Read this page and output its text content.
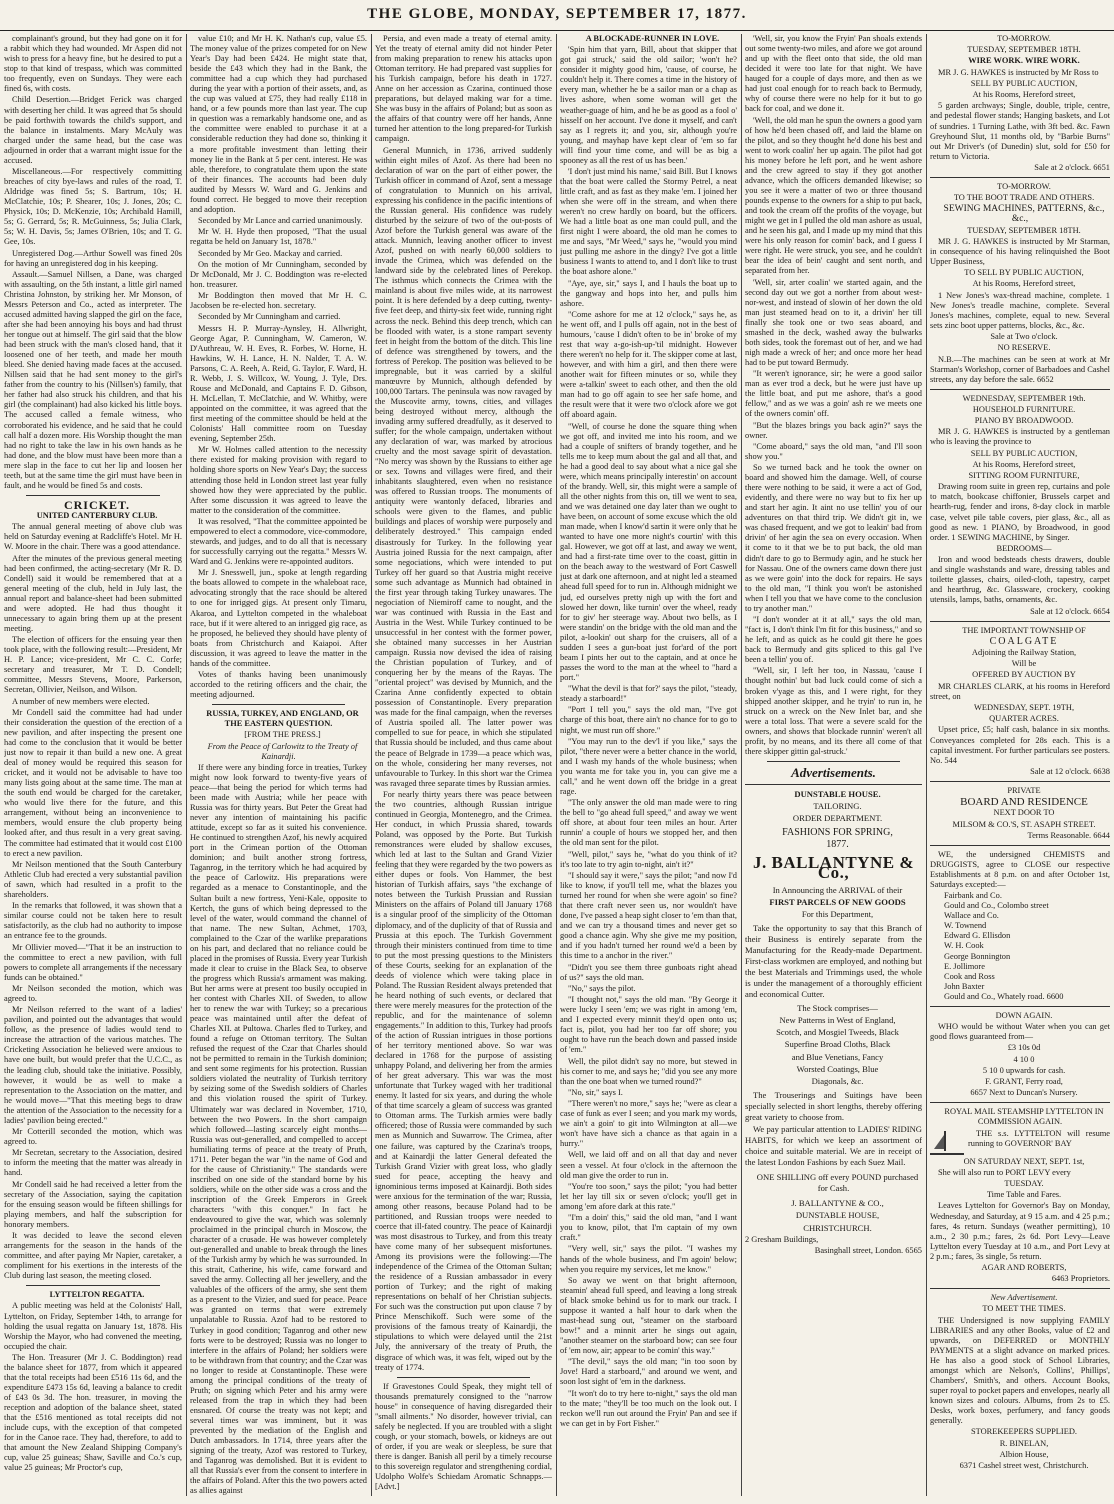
THE GLOBE, MONDAY, SEPTEMBER 17, 1877.

complainant's ground, but they had gone on it for a rabbit which they had wounded. Mr Aspen did not wish to press for a heavy fine, but he desired to put a stop to that kind of trespass, which was committed too frequently, even on Sundays. They were each fined 6s, with costs.

Child Desertion.—Bridget Ferick was charged with deserting her child. It was agreed that 5s should be paid forthwith towards the child's support, and the balance in instalments. Mary McAuly was charged under the same head, but the case was adjourned in order that a warrant might issue for the accused.

Miscellaneous.—For respectively committing breaches of city bye-laws and rules of the road, T. Aldridge was fined 5s; S. Bartrum, 10s; H. McClatchie, 10s; P. Shearer, 10s; J. Jones, 20s; C. Physick, 10s; D. McKenzie, 10s; Archibald Hamill, 5s; G. Gerrard, 5s; R. McGuinness, 5s; Julia Clark, 5s; W. H. Davis, 5s; James O'Brien, 10s; and T. G. Gee, 10s.

Unregistered Dog.—Arthur Sowell was fined 20s for having an unregistered dog in his keeping.

Assault.—Samuel Nillsen, a Dane, was charged with assaulting, on the 5th instant, a little girl named Christina Johnston, by striking her. Mr Monson, of Messrs Peterson and Co., acted as interpreter. The accused admitted having slapped the girl on the face, after she had been annoying his boys and had thrust her tongue out at himself. The girl said that the blow had been struck with the man's closed hand, that it loosened one of her teeth, and made her mouth bleed. She denied having made faces at the accused. Nillsen said that he had sent money to the girl's father from the country to his (Nillsen's) family, that her father had also struck his children, and that his girl (the complainant) had also kicked his little boys. The accused called a female witness, who corroborated his evidence, and he said that he could call half a dozen more. His Worship thought the man had no right to take the law in his own hands as he had done, and the blow must have been more than a mere slap in the face to cut her lip and loosen her teeth, but at the same time the girl must have been in fault, and he would be fined 5s and costs.

CRICKET.

UNITED CANTERBURY CLUB.

The annual general meeting of above club was held on Saturday evening at Radcliffe's Hotel. Mr H. W. Moore in the chair. There was a good attendance.

After the minutes of the previous general meeting had been confirmed, the acting-secretary (Mr R. D. Condell) said it would be remembered that at a general meeting of the club, held in July last, the annual report and balance-sheet had been submitted and were adopted. He had thus thought it unnecessary to again bring them up at the present meeting.

The election of officers for the ensuing year then took place, with the following result:—President, Mr H. P. Lance; vice-president, Mr C. C. Corfe; secretary and treasurer, Mr T. D. Condell; committee, Messrs Stevens, Moore, Parkerson, Secretan, Ollivier, Neilson, and Wilson.

A number of new members were elected.

Mr Condell said the committee had had under their consideration the question of the erection of a new pavilion, and after inspecting the present one had come to the conclusion that it would be better just now to repair it than build a new one. A great deal of money would be required this season for cricket, and it would not be advisable to have too many lists going about at the same time. The man at the south end would be charged for the caretaker, who would live there for the future, and this arrangement, without being an inconvenience to members, would ensure the club property being looked after, and thus result in a very great saving. The committee had estimated that it would cost £100 to erect a new pavilion.

Mr Neilson mentioned that the South Canterbury Athletic Club had erected a very substantial pavilion of sawn, which had resulted in a profit to the shareholders.

In the remarks that followed, it was shown that a similar course could not be taken here to result satisfactorily, as the club had no authority to impose an entrance fee to the grounds.

Mr Ollivier moved—"That it be an instruction to the committee to erect a new pavilion, with full powers to complete all arrangements if the necessary funds can be obtained."

Mr Neilson seconded the motion, which was agreed to.

Mr Neilson referred to the want of a ladies' pavilion, and pointed out the advantages that would follow, as the presence of ladies would tend to increase the attraction of the various matches. The Cricketing Association he believed were anxious to have one built, but would prefer that the U.C.C., as the leading club, should take the initiative. Possibly, however, it would be as well to make a representation to the Association on the matter, and he would move—"That this meeting begs to draw the attention of the Association to the necessity for a ladies' pavilion being erected."

Mr Cotterill seconded the motion, which was agreed to.

Mr Secretan, secretary to the Association, desired to inform the meeting that the matter was already in hand.

Mr Condell said he had received a letter from the secretary of the Association, saying the capitation for the ensuing season would be fifteen shillings for playing members, and half the subscription for honorary members.

It was decided to leave the second eleven arrangements for the season in the hands of the committee, and after paying Mr Napier, caretaker, a compliment for his exertions in the interests of the Club during last season, the meeting closed.

LYTTELTON REGATTA.

A public meeting was held at the Colonists' Hall, Lyttelton, on Friday, September 14th, to arrange for holding the usual regatta on January 1st, 1878. His Worship the Mayor, who had convened the meeting, occupied the chair.

The Hon. Treasurer (Mr J. C. Boddington) read the balance sheet for 1877, from which it appeared that the total receipts had been £516 11s 6d, and the expenditure £473 15s 6d, leaving a balance to credit of £43 0s 3d. The hon. treasurer, in moving the reception and adoption of the balance sheet, stated that the £516 mentioned as total receipts did not include cups, with the exception of that competed for in the Canoe race. They had, therefore, to add to that amount the New Zealand Shipping Company's cup, value 25 guineas; Shaw, Saville and Co.'s cup, value 25 guineas; Mr Proctor's cup,

value £10; and Mr H. K. Nathan's cup, value £5. The money value of the prizes competed for on New Year's Day had been £424. He might state that, beside the £43 which they had in the Bank, the committee had a cup which they had purchased during the year with a portion of their assets, and, as the cup was valued at £75, they had really £118 in hand, or a few pounds more than last year. The cup in question was a remarkably handsome one, and as the committee were enabled to purchase it at a considerable reduction they had done so, thinking it a more profitable investment than letting their money lie in the Bank at 5 per cent. interest. He was able, therefore, to congratulate them upon the state of their finances. The accounts had been duly audited by Messrs W. Ward and G. Jenkins and found correct. He begged to move their reception and adoption.

Seconded by Mr Lance and carried unanimously.

Mr W. H. Hyde then proposed, "That the usual regatta be held on January 1st, 1878."

Seconded by Mr Geo. Mackay and carried.

On the motion of Mr Cunningham, seconded by Dr McDonald, Mr J. C. Boddington was re-elected hon. treasurer.

Mr Boddington then moved that Mr H. C. Jacobsen be re-elected hon. secretary.

Seconded by Mr Cunningham and carried.

Messrs H. P. Murray-Aynsley, H. Allwright, George Agar, P. Cunningham, W. Cameron, W. D'Authreau, W. H. Eves, R. Forbes, W. Horne, H. Hawkins, W. H. Lance, H. N. Nalder, T. A. W. Parsons, C. A. Reeh, A. Reid, G. Taylor, F. Ward, H. R. Webb, J. S. Willcox, W. Young, J. Tyle, Drs. Rouse and McDonald, and Captains F. D. Gibson, H. McLellan, T. McClatchie, and W. Whitby, were appointed on the committee, it was agreed that the first meeting of the committee should be held at the Colonists' Hall committee room on Tuesday evening, September 25th.

Mr W. Holmes called attention to the necessity there existed for making provision with regard to holding shore sports on New Year's Day; the success attending those held in London street last year fully showed how they were appreciated by the public. After some discussion it was agreed to leave the matter to the consideration of the committee.

It was resolved, "That the committee appointed be empowered to elect a commodore, vice-commodore, stewards, and judges, and to do all that is necessary for successfully carrying out the regatta." Messrs W. Ward and G. Jenkins were re-appointed auditors.

Mr J. Snesswell, jun., spoke at length regarding the boats allowed to compete in the whaleboat race, advocating strongly that the race should be altered to one for inrigged gigs. At present only Timaru, Akaroa, and Lyttelton competed in the whaleboat race, but if it were altered to an inrigged gig race, as he proposed, he believed they should have plenty of boats from Christchurch and Kaiapoi. After discussion, it was agreed to leave the matter in the hands of the committee.

Votes of thanks having been unanimously accorded to the retiring officers and the chair, the meeting adjourned.

RUSSIA, TURKEY, AND ENGLAND, OR THE EASTERN QUESTION.

[FROM THE PRESS.]

From the Peace of Carlowitz to the Treaty of Kainardji.

If there were any binding force in treaties, Turkey might now look forward to twenty-five years of peace—that being the period for which terms had been made with Austria; while her peace with Russia was for thirty years. But Peter the Great had never any intention of maintaining his pacific attitude, except so far as it suited his convenience. He continued to strengthen Azof, his newly acquired port in the Crimean portion of the Ottoman dominion; and built another strong fortress, Taganrog, in the territory which he had acquired by the peace of Carlowitz. His preparations were regarded as a menace to Constantinople, and the Sultan built a new fortress, Yeni-Kale, opposite to Kertch, the guns of which being depressed to the level of the water, would command the channel of that name. The new Sultan, Achmet, 1703, complained to the Czar of the warlike preparations on his part, and declared that no reliance could be placed in the promises of Russia. Every year Turkish made it clear to cruise in the Black Sea, to observe the progress which Russia's armament was making. But her arms were at present too busily occupied in her contest with Charles XII. of Sweden, to allow her to renew the war with Turkey; so a precarious peace was maintained until after the defeat of Charles XII. at Pultowa. Charles fled to Turkey, and found a refuge on Ottoman territory. The Sultan refused the request of the Czar that Charles should not be permitted to remain in the Turkish dominion; and sent some regiments for his protection. Russian soldiers violated the neutrality of Turkish territory by seizing some of the Swedish soldiers of Charles and this violation roused the spirit of Turkey. Ultimately war was declared in November, 1710, between the two Powers. In the short campaign which followed—lasting scarcely eight months—Russia was out-generalled, and compelled to accept humiliating terms of peace at the treaty of Pruth, 1711. Peter began the war "in the name of God and for the cause of Christianity." The standards were inscribed on one side of the standard borne by his soldiers, while on the other side was a cross and the inscription of the Greek Emperors in Greek characters "with this conquer." In fact he endeavoured to give the war, which was solemnly proclaimed in the principal church in Moscow, the character of a crusade. He was however completely out-generalled and unable to break through the lines of the Turkish army by which he was surrounded. In this strait, Catherine, his wife, came forward and saved the army. Collecting all her jewellery, and the valuables of the officers of the army, she sent them as a present to the Vizier, and sued for peace. Peace was granted on terms that were extremely unpalatable to Russia. Azof had to be restored to Turkey in good condition; Taganrog and other new forts were to be destroyed; Russia was no longer to interfere in the affairs of Poland; her soldiers were to be withdrawn from that country; and the Czar was no longer to reside at Constantinople. These were among the principal conditions of the treaty of Pruth; on signing which Peter and his army were released from the trap in which they had been ensnared. Of course the treaty was not kept; and several times war was imminent, but it was prevented by the mediation of the English and Dutch ambassadors. In 1714, three years after the signing of the treaty, Azof was restored to Turkey, and Taganrog was demolished. But it is evident to all that Russia's ever from the consent to interfere in the affairs of Poland. After this the two powers acted as allies against

Persia, and even made a treaty of eternal amity. Yet the treaty of eternal amity did not hinder Peter from making preparation to renew his attacks upon Ottoman territory. He had prepared vast supplies for his Turkish campaign, before his death in 1727. Anne on her accession as Czarina, continued those preparations, but delayed making war for a time. She was busy in the affairs of Poland; but as soon as the affairs of that country were off her hands, Anne turned her attention to the long prepared-for Turkish campaign.

General Munnich, in 1736, arrived suddenly within eight miles of Azof. As there had been no declaration of war on the part of either power, the Turkish officer in command of Azof, sent a message of congratulation to Munnich on his arrival, expressing his confidence in the pacific intentions of the Russian general. His confidence was rudely disturbed by the seizure of two of the out-posts of Azof before the Turkish general was aware of the attack. Munnich, leaving another officer to invest Azof, pushed on with nearly 60,000 soldiers to invade the Crimea, which was defended on the landward side by the celebrated lines of Perekop. The isthmus which connects the Crimea with the mainland is about five miles wide, at its narrowest point. It is here defended by a deep cutting, twenty-five feet deep, and thirty-six feet wide, running right across the neck. Behind this deep trench, which can be flooded with water, is a stone rampart seventy feet in height from the bottom of the ditch. This line of defence was strengthened by towers, and the fortress of Perekop. The position was believed to be impregnable, but it was carried by a skilful manœuvre by Munnich, although defended by 100,000 Tartars. The peninsula was now ravaged by the Muscovite army, towns, cities, and villages being destroyed without mercy, although the invading army suffered dreadfully, as it deserved to suffer; for the whole campaign, undertaken without any declaration of war, was marked by atrocious cruelty and the most savage spirit of devastation. "No mercy was shown by the Russians to either age or sex. Towns and villages were fired, and their inhabitants slaughtered, even when no resistance was offered to Russian troops. The monuments of antiquity were wantonly defaced, libraries and schools were given to the flames, and public buildings and places of worship were purposely and deliberately destroyed." This campaign ended disastrously for Turkey. In the following year Austria joined Russia for the next campaign, after some negociations, which were intended to put Turkey off her guard so that Austria might receive some such advantage as Munnich had obtained in the first year through taking Turkey unawares. The negociation of Niemiroff came to nought, and the war was continued with Russia in the East and Austria in the West. While Turkey continued to be unsuccessful in her contest with the former power, she obtained many successes in her Austrian campaign. Russia now devised the idea of raising the Christian population of Turkey, and of conquering her by the means of the Rayas. The "oriental project" was devised by Munnich, and the Czarina Anne confidently expected to obtain possession of Constantinople. Every preparation was made for the final campaign, when the reverses of Austria spoiled all. The latter power was compelled to sue for peace, in which she stipulated that Russia should be included, and thus came about the peace of Belgrade in 1739—a peace which was, on the whole, considering her many reverses, not unfavourable to Turkey. In this short war the Crimea was ravaged three separate times by Russian armies.

For nearly thirty years there was peace between the two countries, although Russian intrigue continued in Georgia, Montenegro, and the Crimea. Her conduct, in which Prussia shared, towards Poland, was opposed by the Porte. But Turkish remonstrances were eluded by shallow excuses, which led at last to the Sultan and Grand Vizier feeling that they were regarded by the two powers as either dupes or fools. Von Hammer, the best historian of Turkish affairs, says "the exchange of notes between the Turkish Prussian and Russian Ministers on the affairs of Poland till January 1768 is a singular proof of the simplicity of the Ottoman diplomacy, and of the duplicity of that of Russia and Prussia at this epoch. The Turkish Government through their ministers continued from time to time to put the most pressing questions to the Ministers of these Courts, seeking for an explanation of the deeds of violence which were taking place in Poland. The Russian Resident always pretended that he heard nothing of such events, or declared that there were merely measures for the protection of the republic, and for the maintenance of solemn engagements." In addition to this, Turkey had proofs of the action of Russian intrigues in those portions of her territory mentioned above. So war was declared in 1768 for the purpose of assisting unhappy Poland, and delivering her from the armies of her great adversary. This war was the most unfortunate that Turkey waged with her traditional enemy. It lasted for six years, and during the whole of that time scarcely a gleam of success was granted to Ottoman arms. The Turkish armies were badly officered; those of Russia were commanded by such men as Munnich and Suwarrow. The Crimea, after one failure, was captured by the Czarina's troops, and at Kainardji the latter General defeated the Turkish Grand Vizier with great loss, who gladly sued for peace, accepting the heavy and ignominious terms imposed at Kainardji. Both sides were anxious for the termination of the war; Russia, among other reasons, because Poland had to be partitioned, and Russian troops were needed to coerce that ill-fated country. The peace of Kainardji was most disastrous to Turkey, and from this treaty have come many of her subsequent misfortunes. Among its provisions were the following:—The independence of the Crimea of the Ottoman Sultan; the residence of a Russian ambassador in every portion of Turkey; and the right of making representations on behalf of her Christian subjects. For such was the construction put upon clause 7 by Prince Menschikoff. Such were some of the provisions of the famous treaty of Kainardji, the stipulations to which were delayed until the 21st July, the anniversary of the treaty of Pruth, the disgrace of which was, it was felt, wiped out by the treaty of 1774.

If Gravestones Could Speak, they might tell of thousands prematurely consigned to the "narrow house" in consequence of having disregarded their "small ailments." No disorder, however trivial, can safely be neglected. If you are troubled with a slight cough, or your stomach, bowels, or kidneys are out of order, if you are weak or sleepless, be sure that there is danger. Banish all peril by a timely recourse to this sovereign regulator and strengthening cordial, Udolpho Wolfe's Schiedam Aromatic Schnapps.—[Advt.]

A BLOCKADE-RUNNER IN LOVE.

'Spin him that yarn, Bill, about that skipper that got gai struck,' said the old sailor; 'won't he? consider it mighty good him, 'cause, of course, he couldn't help it. There comes a time in the history of every man, whether he be a sailor man or a chap as lives ashore, when some woman will get the weather-guage of him, and he be as good as a fool o' hisself on her account. I've done it myself, and can't say as I regrets it; and you, sir, although you're young, and mayhap have kept clear of 'em so far will find your time come, and will be as big a spooney as all the rest of us has been.'

'I don't just mind his name,' said Bill. But I knows that the boat were called the Stormy Petrel, a neat little craft, and as fast as they make 'em. I joined her when she were off in the stream, and when there weren't no crew hardly on board, but the officers. We had a little boat as one man could pull, and the first night I were aboard, the old man he comes to me and says, "Mr Weed," says he, "would you mind just pulling me ashore in the dingy? I've got a little business I wants to attend to, and I don't like to trust the boat ashore alone."

"Aye, aye, sir," says I, and I hauls the boat up to the gangway and hops into her, and pulls him ashore.

"Come ashore for me at 12 o'clock," says he, as he went off, and I pulls off again, not in the best of humours, 'cause I didn't often to be in' broke of my rest that way a-go-ish-up-'til midnight. However there weren't no help for it. The skipper come at last, however, and with him a girl, and then there were another wait for fifteen minutes or so, while they were a-talkin' sweet to each other, and then the old man had to go off again to see her safe home, and the result were that it were two o'clock afore we got off aboard again.

"Well, of course he done the square thing when we got off, and invited me into his room, and we had a couple of snifters of brandy together, and he tells me to keep mum about the gal and all that, and he had a good deal to say about what a nice gal she were, which means principally interestin' on account of the brandy. Well, sir, this might were a sample of all the other nights from this on, till we went to sea, and we was detained one day later than we ought to have been, on account of some excuse which the old man made, when I know'd sartin it were only that he wanted to have one more night's courtin' with this gal. However, we got off at last, and away we went, and had a first-rate time over to the coast, gittin in on the beach away to the westward of Fort Caswell just at dark one afternoon, and at night led a steamed ahead full speed for to run in. Although midnight we jud, ed ourselves pretty nigh up with the fort and slowed her down, like turnin' over the wheel, ready for to giv' her steerage way. About two bells, as I were standin' on the bridge with the old man and the pilot, a-lookin' out sharp for the cruisers, all of a sudden I sees a gun-boat just for'ard of the port beam I pints her out to the captain, and at once he passes the word to the man at the wheel to "hard a port."

"What the devil is that for?' says the pilot, "steady, steady a starboard!"

"Port I tell you," says the old man, "I've got charge of this boat, there ain't no chance for to go to night, we must run off shore."

"You may run to the dev'l if you like," says the pilot, "there never were a better chance in the world, and I wash my hands of the whole business; when you wanta me for take you in, you can give me a call," and he went down off the bridge in a great rage.

"The only answer the old man made were to ring the bell to "go ahead full speed," and away we went off shore, at about four teen miles an hour. Arter runnin' a couple of hours we stopped her, and then the old man sent for the pilot.

"Well, pilot," says he, "what do you think of it? it's too late to try agin to-night, ain't it?"

"I should say it were," says the pilot; "and now I'd like to know, if you'll tell me, what the blazes you turned her round for when she were agoin' so fine? that there craft never seen us, nor wouldn't have done, I've passed a heap sight closer to 'em than that, and we can try a thousand times and never get so good a chance agin. Why she give me my position, and if you hadn't turned her round we'd a been by this time to a anchor in the river."

"Didn't you see them three gunboats right ahead of us?" says the old man.

"No," says the pilot.

"I thought not," says the old man. "By George it were lucky I seen 'em; we was right in among 'em, and I expected every minnit they'd open onto us; fact is, pilot, you had her too far off shore; you ought to have run the beach down and passed inside of 'em."

Well, the pilot didn't say no more, but stewed in his corner to me, and says he; "did you see any more than the one boat when we turned round?"

"No, sir," says I.

"There weren't no more," says he; "were as clear a case of funk as ever I seen; and you mark my words, we ain't a goin' to git into Wilmington at all—we won't have have sich a chance as that again in a hurry."

Well, we laid off and on all that day and never seen a vessel. At four o'clock in the afternoon the old man give the order to run in.

"You're too soon," says the pilot; "you had better let her lay till six or seven o'clock; you'll get in among 'em afore dark at this rate."

"I'm a doin' this," said the old man, "and I want you to know, pilot, that I'm captain of my own craft."

"Very well, sir," says the pilot. "I washes my hands of the whole business, and I'm agoin' below; when you require my services, let me know."

So away we went on that bright afternoon, steamin' ahead full speed, and leaving a long streak of black smoke behind us for to mark our track. I suppose it wanted a half hour to dark when the mast-head sung out, "steamer on the starboard bow!" and a minnit arter he sings out again, "another steamer on the starboard bow; can see four of 'em now, air; appear to be comin' this way."

"The devil," says the old man; "in too soon by Jove! Hard a starboard," and around we went, and soon lost sight of 'em in the darkness.

"It won't do to try here to-night," says the old man to the mate; "they'll be too much on the look out. I reckon we'll run out around the Fryin' Pan and see if we can get in by Fort Fisher."

'Well, sir, you know the Fryin' Pan shoals extends out some twenty-two miles, and afore we got around and up with the fleet onto that side, the old man decided it were too late for that night. We have hauged for a couple of days more, and then as we had just coal enough for to reach back to Bermudy, why of course there were no help for it but to go back for coal, and we done it.

'Well, the old man he spun the owners a good yarn of how he'd been chased off, and laid the blame on the pilot, and so they thought he'd done his best and went to work coalin' her up again. The pilot had got his money before he left port, and he went ashore and the crew agreed to stay if they got another advance, which the officers demanded likewise; so you see it were a matter of two or three thousand pounds expense to the owners for a ship to put back, and took the cream off the profits of the voyage, but might we get in I pulled the old man ashore as usual, and he seen his gal, and I made up my mind that this were his only reason for comin' back, and I guess I were right. He were struck, you see, and he couldn't bear the idea of bein' caught and sent north, and separated from her.

'Well, sir, arter coalin' we started again, and the second day out we got a norther from about west-nor-west, and instead of slowin of her down the old man just steamed head on to it, a drivin' her till finally she took one or two seas aboard, and smashed in the deck, washed away the bulwarks both sides, took the foremast out of her, and we had nigh made a wreck of her; and once more her head had to be put toward Bermudy.

"It weren't ignorance, sir; he were a good sailor man as ever trod a deck, but he were just have up the little boat, and put me ashore, that's a good fellow," and as we was a goin' ash re we meets one of the owners comin' off.

"But the blazes brings you back agin?" says the owner.

"Come aboard," says the old man, "and I'll soon show you."

So we turned back and he took the owner on board and showed him the damage. Well, of course there were nothing to be said, it were a act of God, evidently, and there were no way but to fix her up and start her agin. It aint no use tellin' you of our adventures on that third trip. We didn't git in, we was chased frequent, and we got to leakin' bad from drivin' of her agin the sea on every occasion. When it come to it that we be to put back, the old man didn't dare to go to Bermudy agin, and he stuck her for Nassau. One of the owners came down there just as we were goin' into the dock for repairs. He says to the old man, "I think you won't be astonished when I tell you that we have come to the conclusion to try another man."

"I don't wonder at it at all," says the old man, "fact is, I don't think I'm fit for this business," and so he left, and as quick as he could git there he goes back to Bermudy and gits spliced to this gal I've been a tellin' you of.

"Well, sir, I left her too, in Nassau, 'cause I thought nothin' but bad luck could come of sich a broken v'yage as this, and I were right, for they shipped another skipper, and he tryin' to run in, he struck on a wreck on the New Inlet bar, and she were a total loss. That were a severe scald for the owners, and shows that blockade runnin' weren't all profit, by no means, and its there all come of that there skipper gittin gal-struck.'

Advertisements.

DUNSTABLE HOUSE.

TAILORING.

ORDER DEPARTMENT.

FASHIONS FOR SPRING,

1877.

J. BALLANTYNE & Co.,

In Announcing the ARRIVAL of their

FIRST PARCELS OF NEW GOODS

For this Department,

Take the opportunity to say that this Branch of their Business is entirely separate from the Manufacturing for the Ready-made Department. First-class workmen are employed, and nothing but the best Materials and Trimmings used, the whole is under the management of a thoroughly efficient and economical Cutter.

The Stock comprises—

New Patterns in West of England,

Scotch, and Mosgiel Tweeds, Black

Superfine Broad Cloths, Black

and Blue Venetians, Fancy

Worsted Coatings, Blue

Diagonals, &c.

The Trouserings and Suitings have been specially selected in short lengths, thereby offering great variety to choose from.

We pay particular attention to LADIES' RIDING HABITS, for which we keep an assortment of choice and suitable material. We are in receipt of the latest London Fashions by each Suez Mail.

ONE SHILLING off every POUND purchased for Cash.

J. BALLANTYNE & CO.,

DUNSTABLE HOUSE,

CHRISTCHURCH.

2 Gresham Buildings,

Basinghall street, London. 6565

TO-MORROW.

TUESDAY, SEPTEMBER 18TH.

WIRE WORK. WIRE WORK.

MR J. G. HAWKES is instructed by Mr Ross to

SELL BY PUBLIC AUCTION,

At his Rooms, Hereford street,

5 garden archways; Single, double, triple, centre, and pedestal flower stands; Hanging baskets, and Lot of sundries. 1 Turning Lathe, with 3ft bed. &c. Fawn Greyhound Slut, 11 months old, by "Barbie Burns" out Mr Driver's (of Dunedin) slut, sold for £50 for return to Victoria.

Sale at 2 o'clock. 6651

TO-MORROW.

TO THE BOOT TRADE AND OTHERS.

SEWING MACHINES, PATTERNS, &c., &c.,

TUESDAY, SEPTEMBER 18TH.

MR J. G. HAWKES is instructed by Mr Starman, in consequence of his having relinquished the Boot Upper Business,

TO SELL BY PUBLIC AUCTION,

At his Rooms, Hereford street,

1 New Jones's wax-thread machine, complete. 1 New Jones's treadle machine, complete. Several Jones's machines, complete, equal to new. Several sets zinc boot upper patterns, blocks, &c., &c.

Sale at Two o'clock.

NO RESERVE.

N.B.—The machines can be seen at work at Mr Starman's Workshop, corner of Barbadoes and Cashel streets, any day before the sale. 6652

WEDNESDAY, SEPTEMBER 19th.

HOUSEHOLD FURNITURE.

PIANO BY BROADWOOD.

MR J. G. HAWKES is instructed by a gentleman who is leaving the province to

SELL BY PUBLIC AUCTION,

At his Rooms, Hereford street,

SITTING ROOM FURNITURE,

Drawing room suite in green rep, curtains and pole to match, bookcase chiffonier, Brussels carpet and hearth-rug, fender and irons, 8-day clock in marble case, velvet pile table covers, pier glass, &c., all as good as new. 1 PIANO, by Broadwood, in good order. 1 SEWING MACHINE, by Singer.

BEDROOMS—

Iron and wood bedsteads chests drawers, double and single washstands and ware, dressing tables and toilette glasses, chairs, oiled-cloth, tapestry, carpet and hearthrug, &c. Glassware, crockery, cooking utensils, lamps, baths, ornaments, &c.

Sale at 12 o'clock. 6654

THE IMPORTANT TOWNSHIP OF

COALGATE

Adjoining the Railway Station,

Will be

OFFERED BY AUCTION BY

MR CHARLES CLARK, at his rooms in Hereford street, on

WEDNESDAY, SEPT. 19TH,

QUARTER ACRES.

Upset price, £5; half cash, balance in six months. Conveyances completed for 28s each. This is a capital investment. For further particulars see posters. No. 544

Sale at 12 o'clock. 6638

PRIVATE

BOARD AND RESIDENCE

NEXT DOOR TO

MILSOM & CO.'S, ST. ASAPH STREET.

Terms Reasonable. 6644

WE, the undersigned CHEMISTS and DRUGGISTS, agree to CLOSE our respective Establishments at 8 p.m. on and after October 1st, Saturdays excepted:—

Fairbank and Co.

Gould and Co., Colombo street

Wallace and Co.

W. Townend

Edward G. Ellisdon

W. H. Cook

George Bonnington

E. Jollimore

Cook and Ross

John Baxter

Gould and Co., Whately road. 6600

DOWN AGAIN.

WHO would be without Water when you can get good flows guaranteed from—

£3 10s 0d

4 10 0

5 10 0 upwards for cash.

F. GRANT, Ferry road,

6657 Next to Duncan's Nursery.

ROYAL MAIL STEAMSHIP LYTTELTON IN COMMISSION AGAIN.

THE s.s. LYTTELTON will resume running to GOVERNOR' BAY

ON SATURDAY NEXT, SEPT. 1st,

She will also run to PORT LEVY every

TUESDAY.

Time Table and Fares.

Leaves Lyttelton for Governor's Bay on Monday, Wednesday, and Saturday, at 9 15 a.m. and 4 25 p.m.; fares, 4s return. Sundays (weather permitting), 10 a.m., 2 30 p.m.; fares, 2s 6d. Port Levy—Leave Lyttelton every Tuesday at 10 a.m., and Port Levy at 2 p.m.; fares, 3s single, 5s return.

AGAR AND ROBERTS,

6463 Proprietors.

New Advertisement.

TO MEET THE TIMES.

THE Undersigned is now supplying FAMILY LIBRARIES and any other Books, value of £2 and upwards, on DEFERRED or MONTHLY PAYMENTS at a slight advance on marked prices. He has also a good stock of School Libraries, amongst which are Nelson's, Collins', Phillips', Chambers', Smith's, and others. Account Books, super royal to pocket papers and envelopes, nearly all known sizes and colours. Albums, from 2s to £5. Desks, work boxes, perfumery, and fancy goods generally.

STOREKEEPERS SUPPLIED.

R. BINELAN,

Albion House,

6371 Cashel street west, Christchurch.
